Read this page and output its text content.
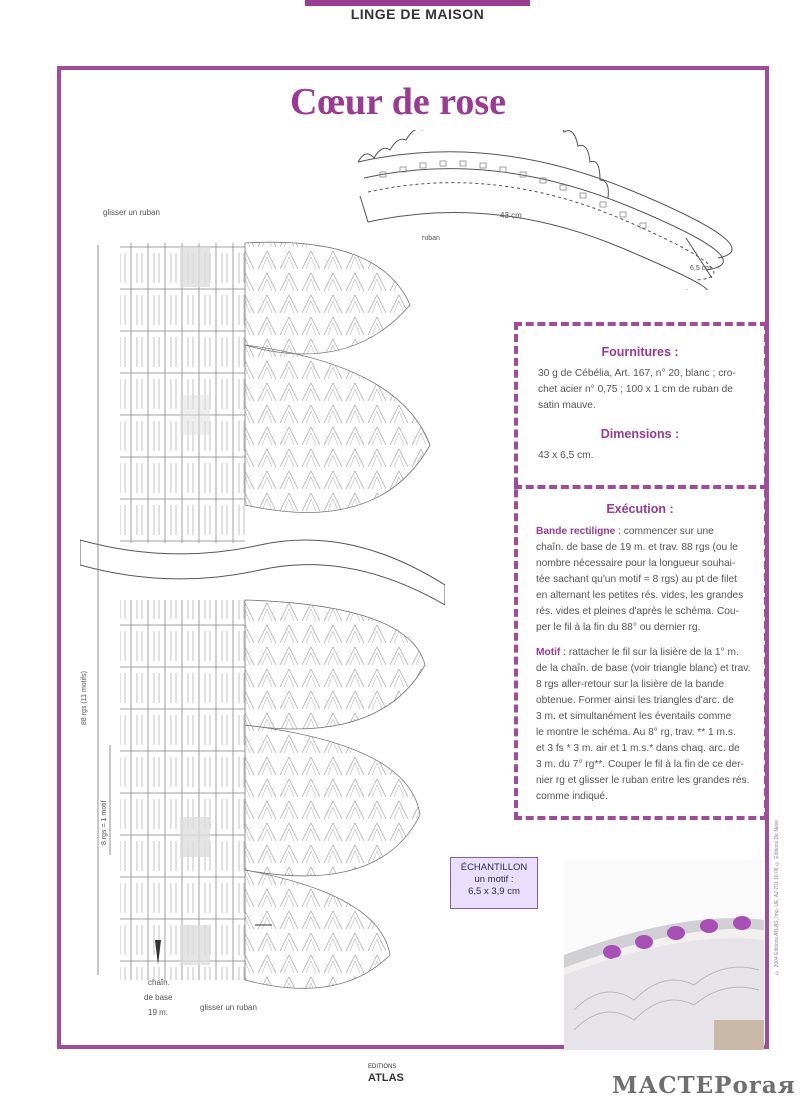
LINGE DE MAISON
Cœur de rose
43 cm
ruban
6,5 cm
88 rgs (11 motifs)
8 rgs = 1 motif
glisser un ruban
chaîn.
de base
19 m.
glisser un ruban
Fournitures :
30 g de Cébélia, Art. 167, n° 20, blanc ; cro-
chet acier n° 0,75 ; 100 x 1 cm de ruban de
satin mauve.
Dimensions :
43 x 6,5 cm.
Exécution :
Bande rectiligne : commencer sur une
chaîn. de base de 19 m. et trav. 88 rgs (ou le
nombre nécessaire pour la longueur souhai-
tée sachant qu'un motif = 8 rgs) au pt de filet
en alternant les petites rés. vides, les grandes
rés. vides et pleines d'après le schéma. Cou-
per le fil à la fin du 88° ou dernier rg.
Motif : rattacher le fil sur la lisière de la 1° m.
de la chaîn. de base (voir triangle blanc) et trav.
8 rgs aller-retour sur la lisière de la bande
obtenue. Former ainsi les triangles d'arc. de
3 m. et simultanément les éventails comme
le montre le schéma. Au 8° rg, trav. ** 1 m.s.
et 3 fs * 3 m. air et 1 m.s.* dans chaq. arc. de
3 m. du 7° rg**. Couper le fil à la fin de ce der-
nier rg et glisser le ruban entre les grandes rés.
comme indiqué.
ÉCHANTILLON
un motif :
6,5 x 3,9 cm
EDITIONS
ATLAS	МАСТЕРоrая
© 2004 Éditions ATLAS, Imp. UE. A2 701 16 06 © Éditions De Neve
